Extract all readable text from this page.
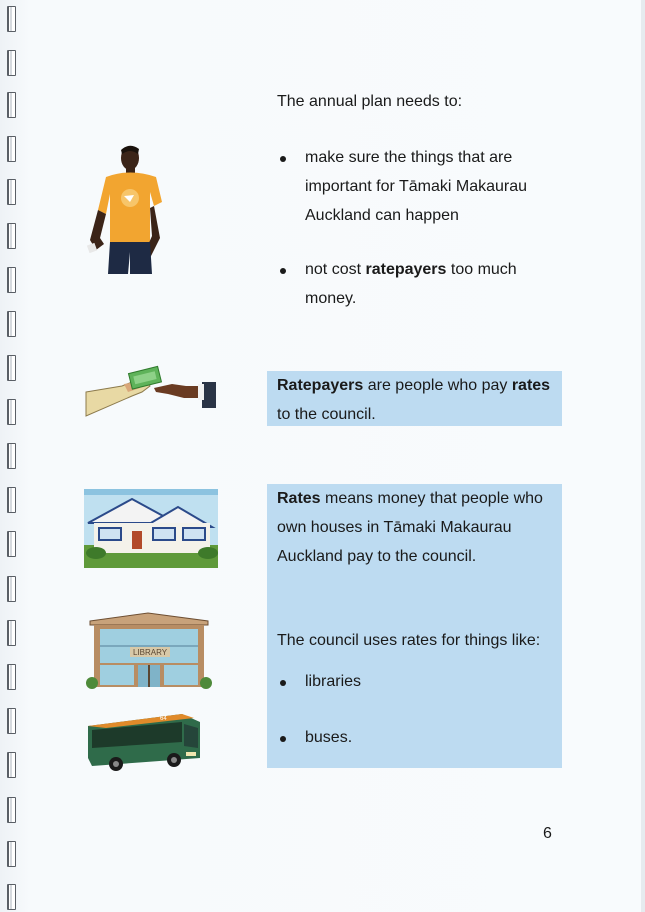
The annual plan needs to:
make sure the things that are important for Tāmaki Makaurau Auckland can happen
not cost ratepayers too much money.
Ratepayers are people who pay rates to the council.
Rates means money that people who own houses in Tāmaki Makaurau Auckland pay to the council.
The council uses rates for things like:
libraries
buses.
LIBRARY
64
6
